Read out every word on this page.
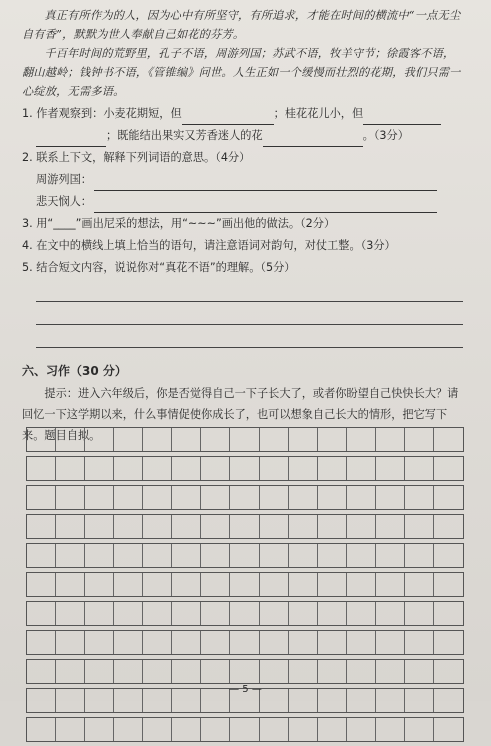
真正有所作为的人，因为心中有所坚守，有所追求，才能在时间的横流中“一点无尘自有香”，默默为世人奉献自己如花的芬芳。

千百年时间的荒野里，孔子不语，周游列国；苏武不语，牧羊守节；徐霞客不语，翻山越岭；钱钟书不语，《管锥编》问世。人生正如一个缓慢而壮烈的花期，我们只需一心绽放，无需多语。

1. 作者观察到：小麦花期短，但	；桂花花儿小，但
；既能结出果实又芳香迷人的花	。（3分）

2. 联系上下文，解释下列词语的意思。（4分）

周游列国：
悲天悯人：

3. 用“____”画出尼采的想法，用“~~~”画出他的做法。（2分）

4. 在文中的横线上填上恰当的语句，请注意语词对韵句，对仗工整。（3分）

5. 结合短文内容，说说你对“真花不语”的理解。（5分）

六、习作（30 分）

提示：进入六年级后，你是否觉得自己一下子长大了，或者你盼望自己快快长大？请回忆一下这学期以来，什么事情促使你成长了，也可以想象自己长大的情形，把它写下来。题目自拟。

— 5 —
